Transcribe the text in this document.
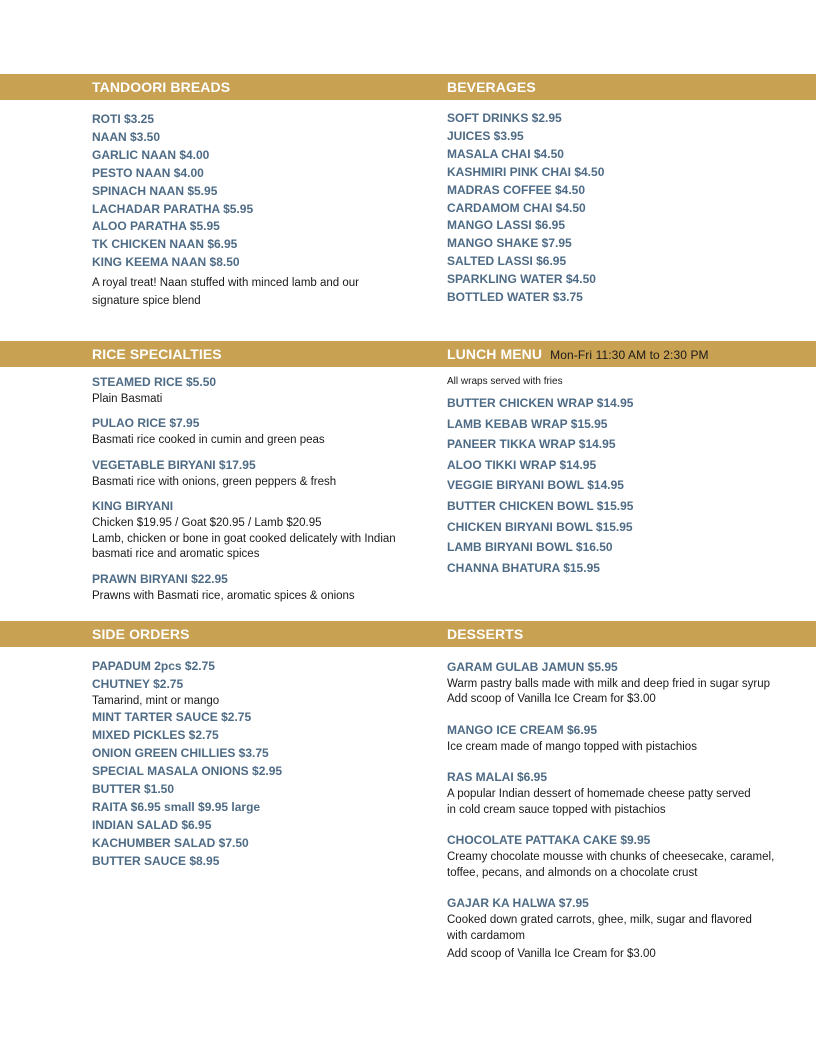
TANDOORI BREADS	BEVERAGES
RICE SPECIALTIES	LUNCH MENU Mon-Fri 11:30 AM to 2:30 PM
SIDE ORDERS	DESSERTS
ROTI $3.25
NAAN $3.50
GARLIC NAAN $4.00
PESTO NAAN $4.00
SPINACH NAAN $5.95
LACHADAR PARATHA $5.95
ALOO PARATHA $5.95
TK CHICKEN NAAN $6.95
KING KEEMA NAAN $8.50
A royal treat! Naan stuffed with minced lamb and our signature spice blend
SOFT DRINKS $2.95
JUICES $3.95
MASALA CHAI $4.50
KASHMIRI PINK CHAI $4.50
MADRAS COFFEE $4.50
CARDAMOM CHAI $4.50
MANGO LASSI $6.95
MANGO SHAKE $7.95
SALTED LASSI $6.95
SPARKLING WATER $4.50
BOTTLED WATER $3.75
STEAMED RICE $5.50
Plain Basmati
PULAO RICE $7.95
Basmati rice cooked in cumin and green peas
VEGETABLE BIRYANI $17.95
Basmati rice with onions, green peppers & fresh
KING BIRYANI
Chicken $19.95 / Goat $20.95 / Lamb $20.95
Lamb, chicken or bone in goat cooked delicately with Indian basmati rice and aromatic spices
PRAWN BIRYANI $22.95
Prawns with Basmati rice, aromatic spices & onions
All wraps served with fries
BUTTER CHICKEN WRAP $14.95
LAMB KEBAB WRAP $15.95
PANEER TIKKA WRAP $14.95
ALOO TIKKI WRAP $14.95
VEGGIE BIRYANI BOWL $14.95
BUTTER CHICKEN BOWL $15.95
CHICKEN BIRYANI BOWL $15.95
LAMB BIRYANI BOWL $16.50
CHANNA BHATURA $15.95
PAPADUM 2pcs $2.75
CHUTNEY $2.75
Tamarind, mint or mango
MINT TARTER SAUCE $2.75
MIXED PICKLES $2.75
ONION GREEN CHILLIES $3.75
SPECIAL MASALA ONIONS $2.95
BUTTER $1.50
RAITA $6.95 small $9.95 large
INDIAN SALAD $6.95
KACHUMBER SALAD $7.50
BUTTER SAUCE $8.95
GARAM GULAB JAMUN $5.95
Warm pastry balls made with milk and deep fried in sugar syrup
Add scoop of Vanilla Ice Cream for $3.00
MANGO ICE CREAM $6.95
Ice cream made of mango topped with pistachios
RAS MALAI $6.95
A popular Indian dessert of homemade cheese patty served in cold cream sauce topped with pistachios
CHOCOLATE PATTAKA CAKE $9.95
Creamy chocolate mousse with chunks of cheesecake, caramel, toffee, pecans, and almonds on a chocolate crust
GAJAR KA HALWA $7.95
Cooked down grated carrots, ghee, milk, sugar and flavored with cardamom
Add scoop of Vanilla Ice Cream for $3.00
